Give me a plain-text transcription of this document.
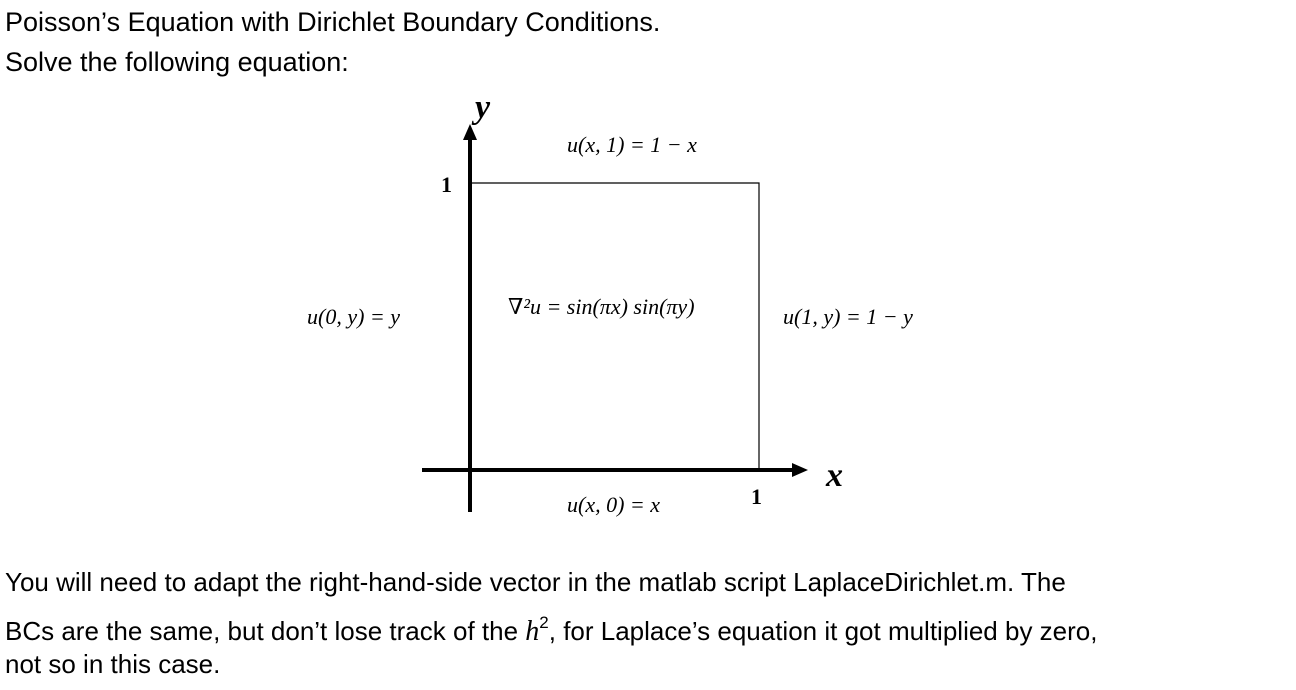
Poisson’s Equation with Dirichlet Boundary Conditions.
Solve the following equation:
y
x
1
1
u(x, 1) = 1 − x
u(0, y) = y	u(1, y) = 1 − y
u(x, 0) = x
∇²u = sin(πx) sin(πy)
You will need to adapt the right-hand-side vector in the matlab script LaplaceDirichlet.m. The
BCs are the same, but don’t lose track of the $h^2$, for Laplace’s equation it got multiplied by zero,
not so in this case.
